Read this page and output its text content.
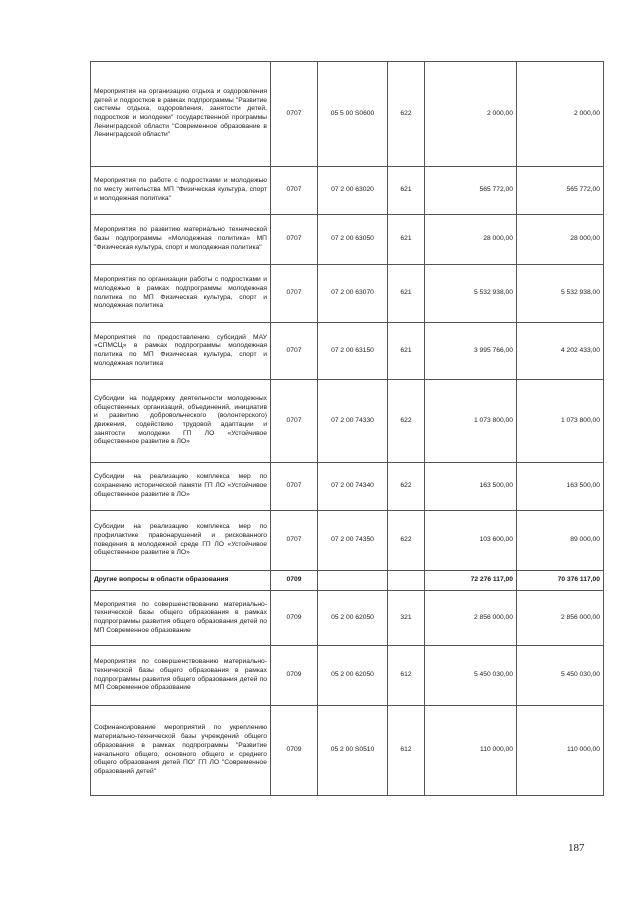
Мероприятия на организацию отдыха и оздоровления детей и подростков в рамках подпрограммы "Развитие системы отдыха, оздоровления, занятости детей, подростков и молодежи" государственной программы Ленинградской области "Современное образование в Ленинградской области"	0707	05 5 00 S0600	622	2 000,00	2 000,00
Мероприятия по работе с подростками и молодежью по месту жительства МП "Физическая культура, спорт и молодежная политика"	0707	07 2 00 63020	621	565 772,00	565 772,00
Мероприятия по развитию материально технической базы подпрограммы «Молодежная политика» МП "Физическая культура, спорт и молодежная политика"	0707	07 2 00 63050	621	28 000,00	28 000,00
Мероприятия по организации работы с подростками и молодежью в рамках подпрограммы молодежная политика по МП Физическая культура, спорт и молодежная политика	0707	07 2 00 63070	621	5 532 938,00	5 532 938,00
Мероприятия по предоставлению субсидий МАУ «СПМСЦ» в рамках подпрограммы молодежная политика по МП Физическая культура, спорт и молодежная политика	0707	07 2 00 63150	621	3 995 766,00	4 202 433,00
Субсидии на поддержку деятельности молодежных общественных организаций, объединений, инициатив и развитию добровольческого (волонтерского) движения, содействию трудовой адаптации и занятости молодежи ГП ЛО «Устойчивое общественное развитие в ЛО»	0707	07 2 00 74330	622	1 073 800,00	1 073 800,00
Субсидии на реализацию комплекса мер по сохранению исторической памяти ГП ЛО «Устойчивое общественное развитие в ЛО»	0707	07 2 00 74340	622	163 500,00	163 500,00
Субсидии на реализацию комплекса мер по профилактике правонарушений и рискованного поведения в молодежной среде ГП ЛО «Устойчивое общественное развитие в ЛО»	0707	07 2 00 74350	622	103 600,00	89 000,00
Другие вопросы в области образования	0709			72 276 117,00	70 376 117,00
Мероприятия по совершенствованию материально-технической базы общего образования в рамках подпрограммы развития общего образования детей по МП Современное образование	0709	05 2 00 62050	321	2 856 000,00	2 856 000,00
Мероприятия по совершенствованию материально-технической базы общего образования в рамках подпрограммы развития общего образования детей по МП Современное образование	0709	05 2 00 62050	612	5 450 030,00	5 450 030,00
Софинансирование мероприятий по укреплению материально-технической базы учреждений общего образования в рамках подпрограммы "Развитие начального общего, основного общего и среднего общего образования детей ПО" ГП ЛО "Современное образований детей"	0709	05 2 00 S0510	612	110 000,00	110 000,00
187
